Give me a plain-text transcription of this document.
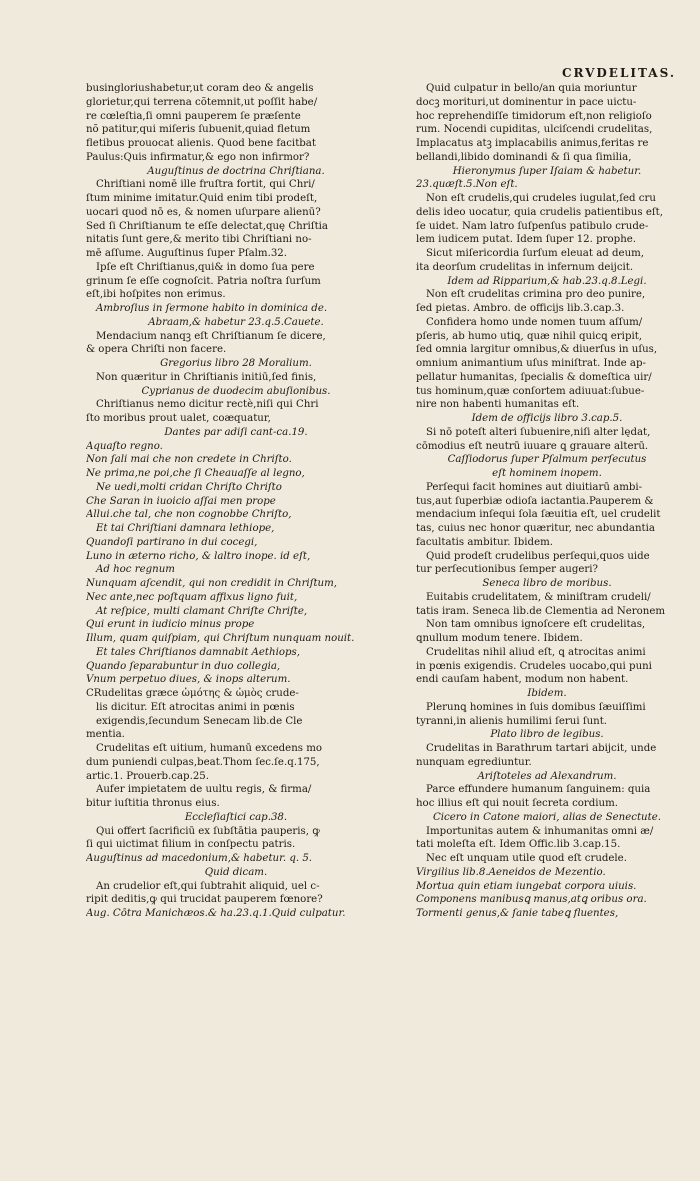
CRVDELITAS.
busingloriushabetur,ut coram deo & angelis
glorietur,qui terrena cõtemnit,ut poſſit habe/
re cœleſtia,ſi omni pauperem ſe præſente
nõ patitur,qui miſeris ſubuenit,quiad fletum
fletibus prouocat alienis. Quod bene facitbat
Paulus:Quis infirmatur,& ego non infirmor?
Auguſtinus de doctrina Chriſtiana.
Chriſtiani nomē ille fruſtra fortit, qui Chri/
ſtum minime imitatur.Quid enim tibi prodeſt,
uocari quod nō es, & nomen uſurpare alienū?
Sed ſi Chriſtianum te eſſe delectat,quę Chriſtia
nitatis ſunt gere,& merito tibi Chriſtiani no-
mē aſſume. Auguſtinus ſuper Pſalm.32.
Ipſe eſt Chriſtianus,qui& in domo ſua pere
grinum ſe eſſe cognoſcit. Patria noſtra ſurſum
eſt,ibi hoſpites non erimus.
Ambroſius in ſermone habito in dominica de.
Abraam,& habetur 23.q.5.Cauete.
Mendacium nanqꝫ eſt Chriſtianum ſe dicere,
& opera Chriſti non facere.
Gregorius libro 28 Moralium.
Non quæritur in Chriſtianis initiū,ſed finis,
Cyprianus de duodecim abuſionibus.
Chriſtianus nemo dicitur rectè,niſi qui Chri
ſto moribus prout ualet, coæquatur,
Dantes par adiſi cant-ca.19.
Aquaſto regno.
Non ſali mai che non credete in Chriſto.
Ne prima,ne poi,che ſi Cheauaſſe al legno,
Ne uedi,molti cridan Chriſto Chriſto
Che Saran in iuoicio aſſai men prope
Allui.che tal, che non cognobbe Chriſto,
Et tai Chriſtiani damnara lethiope,
Quandoſi partirano in dui cocegi,
Luno in æterno richo, & laltro inope. id eſt,
Ad hoc regnum
Nunquam aſcendit, qui non credidit in Chriſtum,
Nec ante,nec poſtquam affixus ligno fuit,
At reſpice, multi clamant Chriſte Chriſte,
Qui erunt in iudicio minus prope
Illum, quam quiſpiam, qui Chriſtum nunquam nouit.
Et tales Chriſtianos damnabit Aethiops,
Quando ſeparabuntur in duo collegia,
Vnum perpetuo diues, & inops alterum.
CRudelitas græce ὠμότης & ὠμὸς crude-
lis dicitur. Eſt atrocitas animi in pœnis
exigendis,ſecundum Senecam lib.de Cle
mentia.
Crudelitas eſt uitium, humanū excedens mo
dum puniendi culpas,beat.Thom ſec.ſe.q.175,
artic.1. Prouerb.cap.25.
Aufer impietatem de uultu regis, & firma/
bitur iuſtitia thronus eius.
Eccleſiaſtici cap.38.
Qui offert ſacrificiū ex ſubſtātia pauperis, ꝙ
ſi qui uictimat filium in conſpectu patris.
Auguſtinus ad macedonium,& habetur. q. 5.
Quid dicam.
An crudelior eſt,qui ſubtrahit aliquid, uel c-
ripit deditis,ꝙ qui trucidat pauperem fœnore?
Aug. Cōtra Manichæos.& ha.23.q.1.Quid culpatur.
Quid culpatur in bello/an quia moriuntur
docꝫ morituri,ut dominentur in pace uictu-
hoc reprehendiſſe timidorum eſt,non religioſo
rum. Nocendi cupiditas, ulciſcendi crudelitas,
Implacatus atꝫ implacabilis animus,feritas re
bellandi,libido dominandi & ſi qua ſimilia,
Hieronymus ſuper Iſaiam & habetur.
23.quæſt.5.Non eſt.
Non eſt crudelis,qui crudeles iugulat,ſed cru
delis ideo uocatur, quia crudelis patientibus eſt,
ſe uidet. Nam latro ſuſpenſus patibulo crude-
lem iudicem putat. Idem ſuper 12. prophe.
Sicut miſericordia ſurſum eleuat ad deum,
ita deorſum crudelitas in infernum deijcit.
Idem ad Ripparium,& hab.23.q.8.Legi.
Non eſt crudelitas crimina pro deo punire,
ſed pietas. Ambro. de officijs lib.3.cap.3.
Confidera homo unde nomen tuum aſſum/
pſeris, ab humo utiꝗ, quæ nihil quicꝗ eripit,
ſed omnia largitur omnibus,& diuerſus in uſus,
omnium animantium uſus miniſtrat. Inde ap-
pellatur humanitas, ſpecialis & domeſtica uir/
tus hominum,quæ conſortem adiuuat:ſubue-
nire non habenti humanitas eſt.
Idem de officijs libro 3.cap.5.
Si nō poteſt alteri ſubuenire,niſi alter lędat,
cōmodius eſt neutrū iuuare ꝗ grauare alterū.
Caſſiodorus ſuper Pſalmum perſecutus
eſt hominem inopem.
Perſequi facit homines aut diuitiarū ambi-
tus,aut ſuperbiæ odioſa iactantia.Pauperem &
mendacium inſequi ſola ſæuitia eſt, uel crudelit
tas, cuius nec honor quæritur, nec abundantia
facultatis ambitur. Ibidem.
Quid prodeſt crudelibus perſequi,quos uide
tur perſecutionibus ſemper augeri?
Seneca libro de moribus.
Euitabis crudelitatem, & miniſtram crudeli/
tatis iram. Seneca lib.de Clementia ad Neronem
Non tam omnibus ignoſcere eſt crudelitas,
ꝗnullum modum tenere. Ibidem.
Crudelitas nihil aliud eſt, ꝗ atrocitas animi
in pœnis exigendis. Crudeles uocabo,qui puni
endi cauſam habent, modum non habent.
Ibidem.
Plerunꝗ homines in ſuis domibus ſæuiſſimi
tyranni,in alienis humilimi ſerui ſunt.
Plato libro de legibus.
Crudelitas in Barathrum tartari abijcit, unde
nunquam egrediuntur.
Ariſtoteles ad Alexandrum.
Parce effundere humanum ſanguinem: quia
hoc illius eſt qui nouit ſecreta cordium.
Cicero in Catone maiori, alias de Senectute.
Importunitas autem & inhumanitas omni æ/
tati moleſta eſt. Idem Offic.lib 3.cap.15.
Nec eſt unquam utile quod eſt crudele.
Virgilius lib.8.Aeneidos de Mezentio.
Mortua quin etiam iungebat corpora uiuis.
Componens manibusꝗ manus,atꝗ oribus ora.
Tormenti genus,& ſanie tabeꝗ fluentes,
